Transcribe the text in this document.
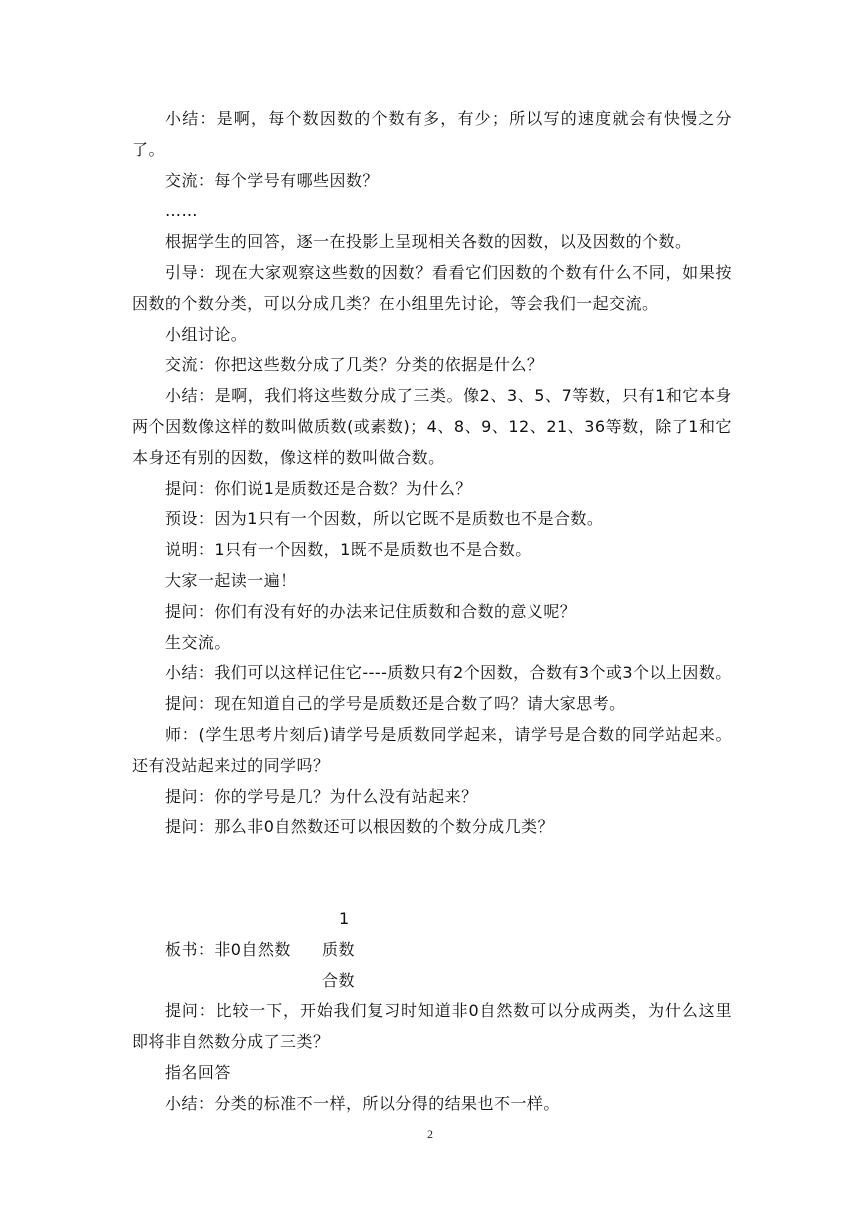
小结：是啊，每个数因数的个数有多，有少；所以写的速度就会有快慢之分了。

交流：每个学号有哪些因数？

……

根据学生的回答，逐一在投影上呈现相关各数的因数，以及因数的个数。

引导：现在大家观察这些数的因数？看看它们因数的个数有什么不同，如果按因数的个数分类，可以分成几类？在小组里先讨论，等会我们一起交流。

小组讨论。

交流：你把这些数分成了几类？分类的依据是什么？

小结：是啊，我们将这些数分成了三类。像2、3、5、7等数，只有1和它本身两个因数像这样的数叫做质数(或素数)；4、8、9、12、21、36等数，除了1和它本身还有别的因数，像这样的数叫做合数。

提问：你们说1是质数还是合数？为什么？

预设：因为1只有一个因数，所以它既不是质数也不是合数。

说明：1只有一个因数，1既不是质数也不是合数。

大家一起读一遍！

提问：你们有没有好的办法来记住质数和合数的意义呢？

生交流。

小结：我们可以这样记住它----质数只有2个因数，合数有3个或3个以上因数。

提问：现在知道自己的学号是质数还是合数了吗？请大家思考。

师：(学生思考片刻后)请学号是质数同学起来，请学号是合数的同学站起来。还有没站起来过的同学吗？

提问：你的学号是几？为什么没有站起来？

提问：那么非0自然数还可以根因数的个数分成几类？

1
板书：非0自然数 质数
合数

提问：比较一下，开始我们复习时知道非0自然数可以分成两类，为什么这里即将非自然数分成了三类？

指名回答

小结：分类的标准不一样，所以分得的结果也不一样。

2
